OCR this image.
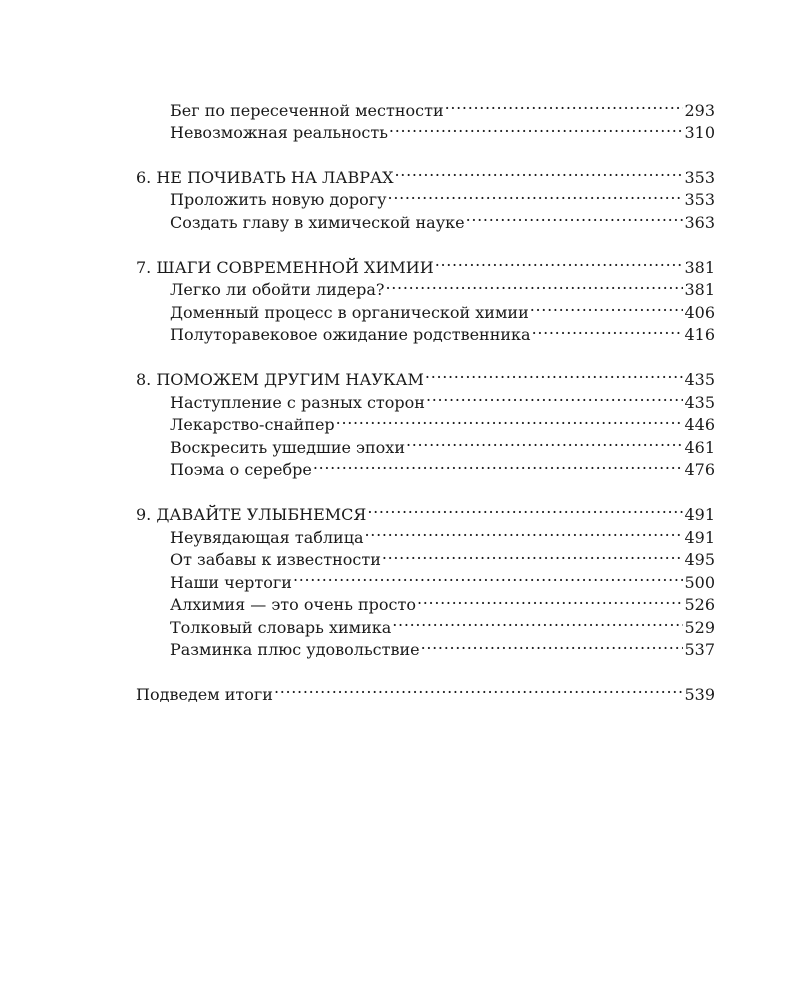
Бег по пересеченной местности . . .	293
Невозможная реальность . . .	310
6. НЕ ПОЧИВАТЬ НА ЛАВРАХ . . .	353
Проложить новую дорогу . . .	353
Создать главу в химической науке . . .	363
7. ШАГИ СОВРЕМЕННОЙ ХИМИИ . . .	381
Легко ли обойти лидера? . . .	381
Доменный процесс в органической химии . . .	406
Полуторавековое ожидание родственника . . .	416
8. ПОМОЖЕМ ДРУГИМ НАУКАМ . . .	435
Наступление с разных сторон . . .	435
Лекарство-снайпер . . .	446
Воскресить ушедшие эпохи . . .	461
Поэма о серебре . . .	476
9. ДАВАЙТЕ УЛЫБНЕМСЯ . . .	491
Неувядающая таблица . . .	491
От забавы к известности . . .	495
Наши чертоги . . .	500
Алхимия — это очень просто . . .	526
Толковый словарь химика . . .	529
Разминка плюс удовольствие . . .	537
Подведем итоги . . .	539
